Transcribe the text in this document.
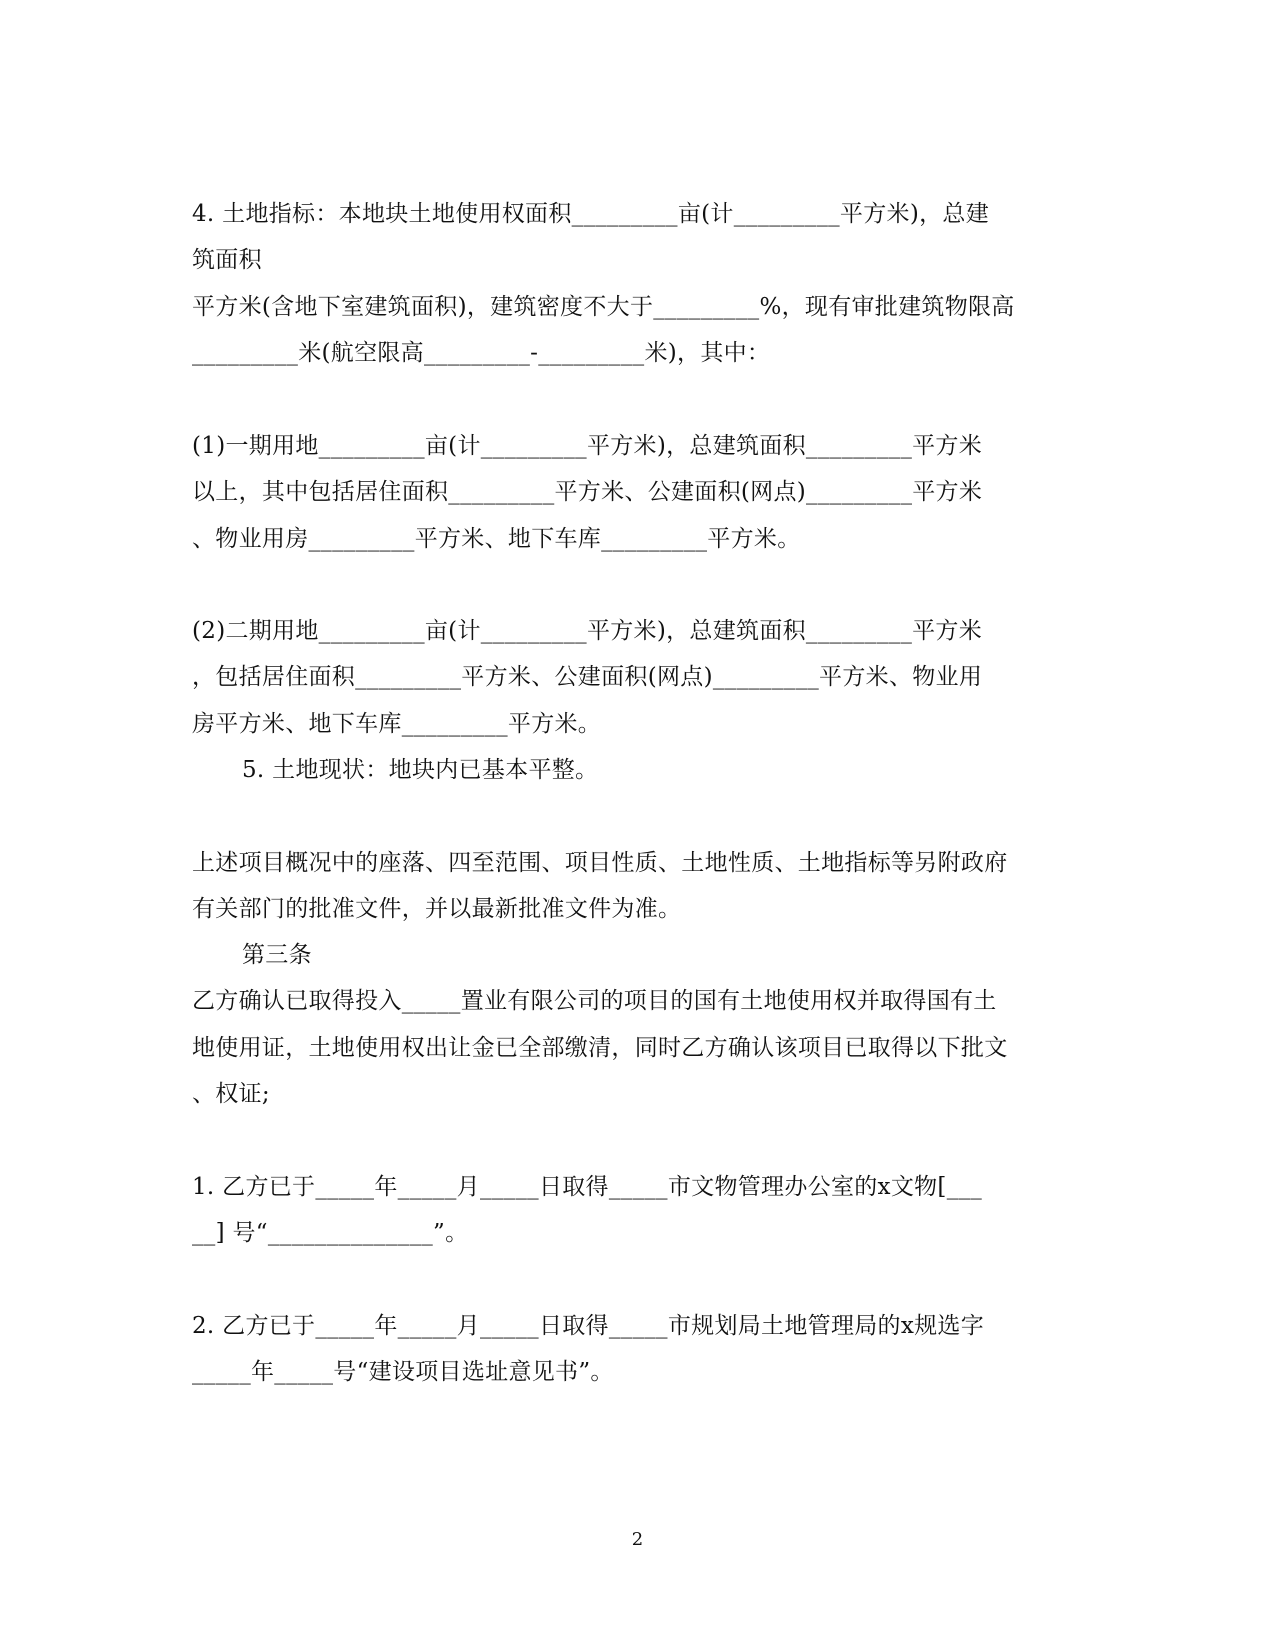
4. 土地指标：本地块土地使用权面积_________亩(计_________平方米)，总建
筑面积
平方米(含地下室建筑面积)，建筑密度不大于_________%，现有审批建筑物限高
_________米(航空限高_________-_________米)，其中：
(1)一期用地_________亩(计_________平方米)，总建筑面积_________平方米
以上，其中包括居住面积_________平方米、公建面积(网点)_________平方米
、物业用房_________平方米、地下车库_________平方米。
(2)二期用地_________亩(计_________平方米)，总建筑面积_________平方米
，包括居住面积_________平方米、公建面积(网点)_________平方米、物业用
房平方米、地下车库_________平方米。
5. 土地现状：地块内已基本平整。
上述项目概况中的座落、四至范围、项目性质、土地性质、土地指标等另附政府
有关部门的批准文件，并以最新批准文件为准。
第三条
乙方确认已取得投入_____置业有限公司的项目的国有土地使用权并取得国有土
地使用证，土地使用权出让金已全部缴清，同时乙方确认该项目已取得以下批文
、权证;
1. 乙方已于_____年_____月_____日取得_____市文物管理办公室的x文物[___
__] 号“______________”。
2. 乙方已于_____年_____月_____日取得_____市规划局土地管理局的x规选字
_____年_____号“建设项目选址意见书”。
2
